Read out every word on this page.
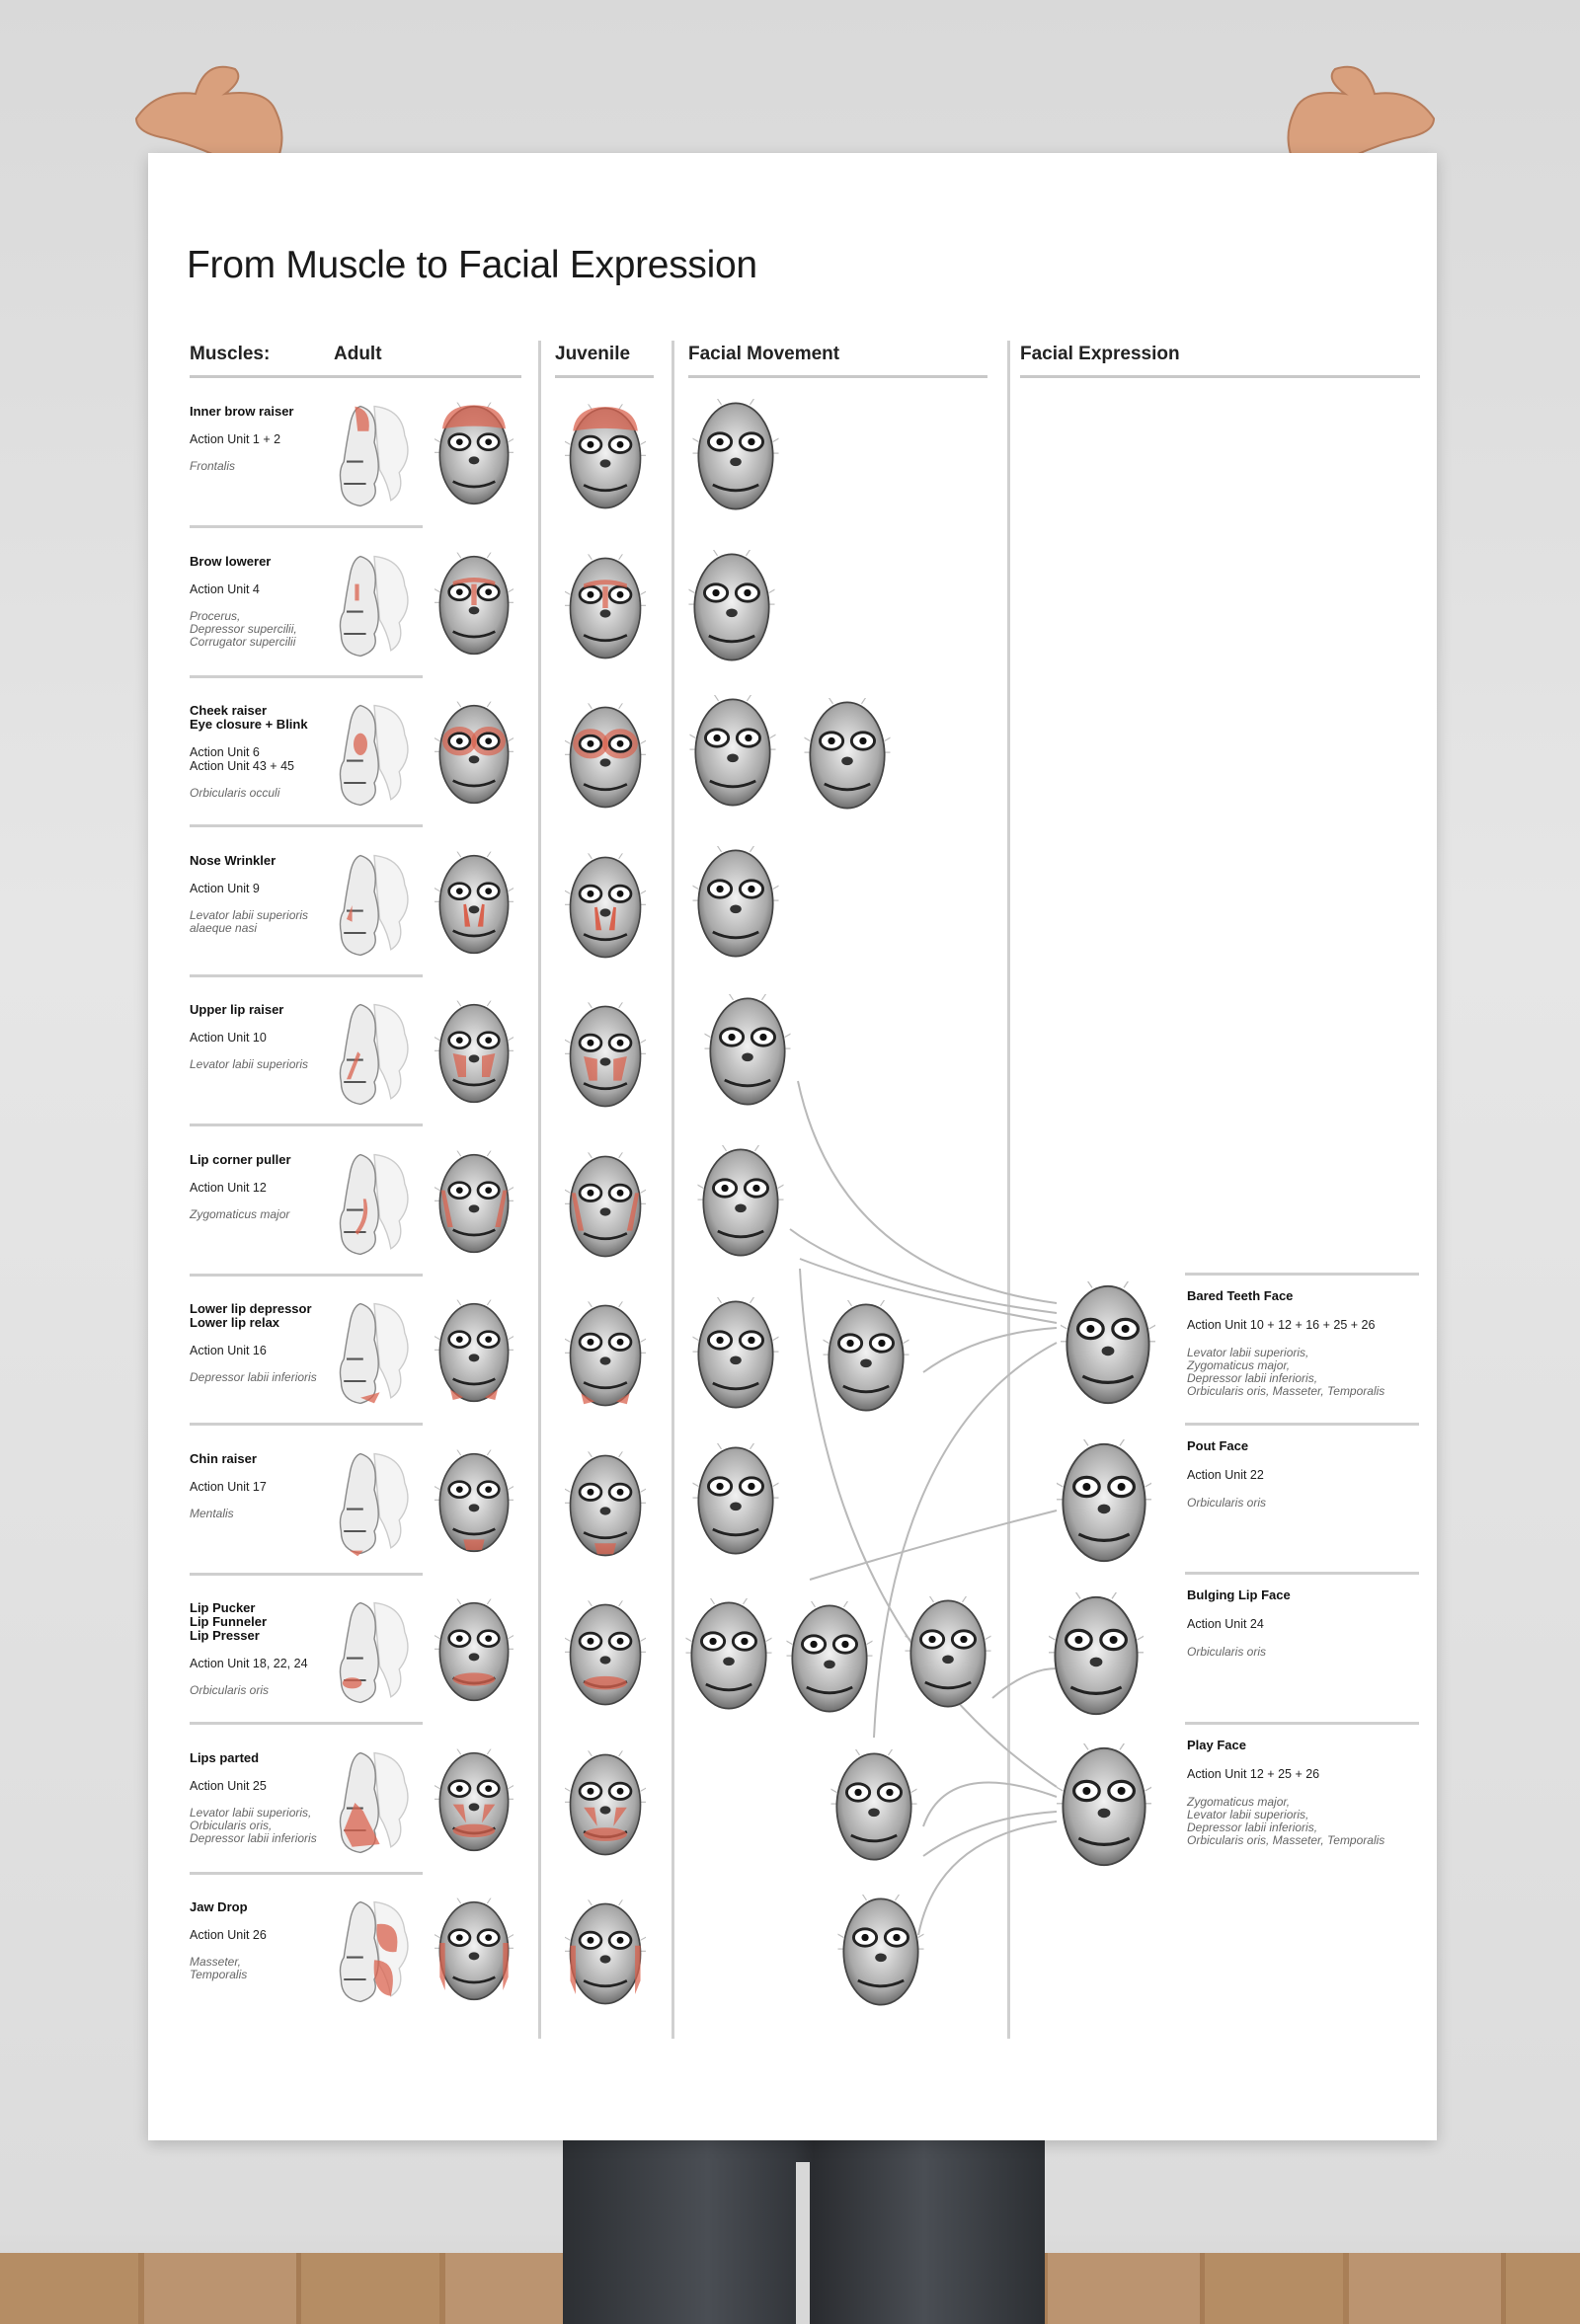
From Muscle to Facial Expression
Muscles:	Adult	Juvenile	Facial Movement	Facial Expression
Inner brow raiser
Action Unit 1 + 2
Frontalis
Brow lowerer
Action Unit 4
Procerus,
Depressor supercilii,
Corrugator supercilii
Cheek raiser
Eye closure + Blink
Action Unit 6
Action Unit 43 + 45
Orbicularis occuli
Nose Wrinkler
Action Unit 9
Levator labii superioris
alaeque nasi
Upper lip raiser
Action Unit 10
Levator labii superioris
Lip corner puller
Action Unit 12
Zygomaticus major
Lower lip depressor
Lower lip relax
Action Unit 16
Depressor labii inferioris
Chin raiser
Action Unit 17
Mentalis
Lip Pucker
Lip Funneler
Lip Presser
Action Unit 18, 22, 24
Orbicularis oris
Lips parted
Action Unit 25
Levator labii superioris,
Orbicularis oris,
Depressor labii inferioris
Jaw Drop
Action Unit 26
Masseter,
Temporalis
Bared Teeth Face
Action Unit 10 + 12 + 16 + 25 + 26
Levator labii superioris,
Zygomaticus major,
Depressor labii inferioris,
Orbicularis oris, Masseter, Temporalis
Pout Face
Action Unit 22
Orbicularis oris
Bulging Lip Face
Action Unit 24
Orbicularis oris
Play Face
Action Unit 12 + 25 + 26
Zygomaticus major,
Levator labii superioris,
Depressor labii inferioris,
Orbicularis oris, Masseter, Temporalis
